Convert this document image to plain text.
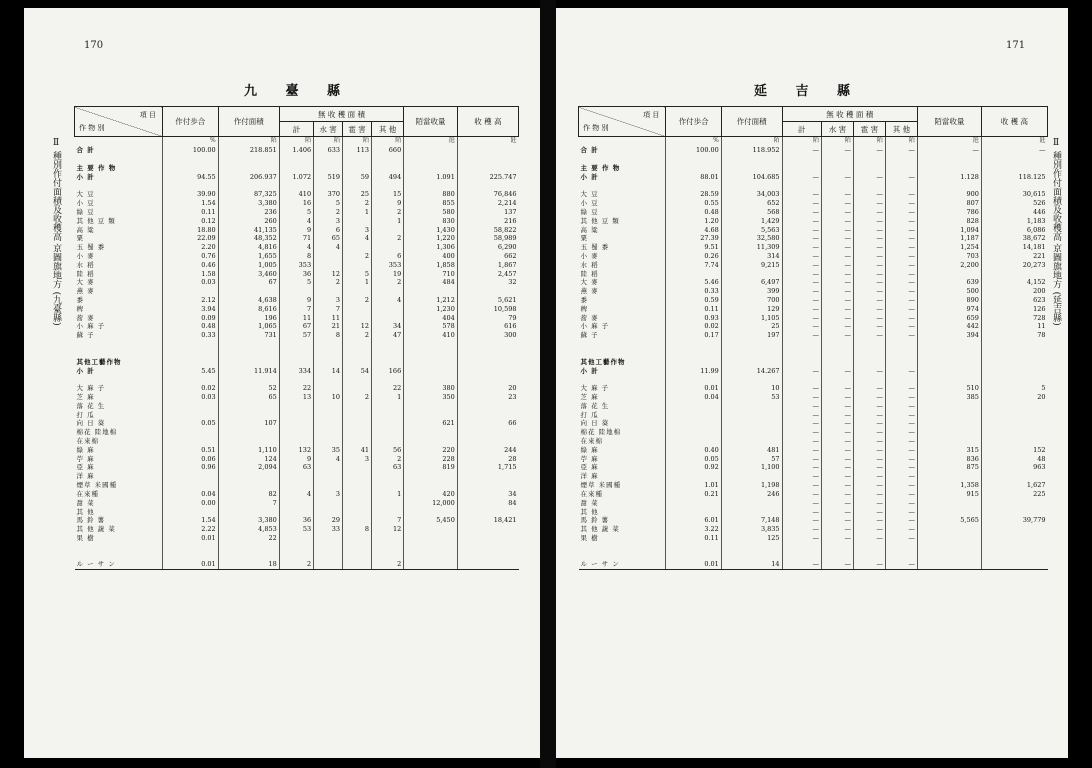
170
九 臺 縣
Ⅱ 種別作付面積及收穫高 京圖旗地方 (九臺縣)
項 目
作 物 別	作付歩合	作付面積	無 收 穫 面 積				陌當收量	收 穫 高
			計	水 害	雹 害	其 他		
	%	陌	陌	陌	陌	陌	瓩	瓩
合 計	100.00	218.851	1.406	633	113	660		

主 要 作 物								
小 計	94.55	206.937	1.072	519	59	494	1.091	225.747

大 豆	39.90	87,325	410	370	25	15	880	76,846
小 豆	1.54	3,380	16	5	2	9	855	2,214
綠 豆	0.11	236	5	2	1	2	580	137
其 他 豆 類	0.12	260	4	3		1	830	216
高 粱	18.80	41,135	9	6	3		1,430	58,822
粟	22.09	48,352	71	65	4	2	1,220	58,989
玉 蜀 黍	2.20	4,816	4	4			1,306	6,290
小 麥	0.76	1,655	8		2	6	400	662
水 稻	0.46	1,005	353			353	1,858	1,867
陸 稻	1.58	3,460	36	12	5	19	710	2,457
大 麥	0.03	67	5	2	1	2	484	32
燕 麥								
黍	2.12	4,638	9	3	2	4	1,212	5,621
稗	3.94	8,616	7	7			1,230	10,598
蕎 麥	0.09	196	11	11			404	79
小 麻 子	0.48	1,065	67	21	12	34	578	616
蘇 子	0.33	731	57	8	2	47	410	300

其他工藝作物								
小 計	5.45	11.914	334	14	54	166		

大 麻 子	0.02	52	22			22	380	20
芝 麻	0.03	65	13	10	2	1	350	23
落 花 生								
打 瓜								
向 日 葵	0.05	107					621	66
棉花 陸地棉								
在來棉								
綠 麻	0.51	1,110	132	35	41	56	220	244
苧 麻	0.06	124	9	4	3	2	228	28
亞 麻	0.96	2,094	63			63	819	1,715
洋 麻								
煙草 米國種								
在來種	0.04	82	4	3		1	420	34
甜 菜	0.00	7					12,000	84
其 他								
馬 鈴 薯	1.54	3,380	36	29		7	5,450	18,421
其 他 蔬 菜	2.22	4,853	53	33	8	12		
果 樹	0.01	22						

ル ー サ ン	0.01	18	2			2		
171
延 吉 縣
Ⅱ 種別作付面積及收穫高 京圖旗地方 (延吉縣)
項 目
作 物 別	作付歩合	作付面積	無 收 穫 面 積				陌當收量	收 穫 高
			計	水 害	雹 害	其 他		
	%	陌	陌	陌	陌	陌	瓩	瓩
合 計	100.00	118.952	—	—	—	—	—	—

主 要 作 物								
小 計	88.01	104.685	—	—	—	—	1.128	118.125

大 豆	28.59	34,003	—	—	—	—	900	30,615
小 豆	0.55	652	—	—	—	—	807	526
綠 豆	0.48	568	—	—	—	—	786	446
其 他 豆 類	1.20	1,429	—	—	—	—	828	1,183
高 粱	4.68	5,563	—	—	—	—	1,094	6,086
粟	27.39	32,580	—	—	—	—	1,187	38,672
玉 蜀 黍	9.51	11,309	—	—	—	—	1,254	14,181
小 麥	0.26	314	—	—	—	—	703	221
水 稻	7.74	9,215	—	—	—	—	2,200	20,273
陸 稻			—	—	—	—		
大 麥	5.46	6,497	—	—	—	—	639	4,152
燕 麥	0.33	399	—	—	—	—	500	200
黍	0.59	700	—	—	—	—	890	623
稗	0.11	129	—	—	—	—	974	126
蕎 麥	0.93	1,105	—	—	—	—	659	728
小 麻 子	0.02	25	—	—	—	—	442	11
蘇 子	0.17	197	—	—	—	—	394	78

其他工藝作物								
小 計	11.99	14.267	—	—	—	—		

大 麻 子	0.01	10	—	—	—	—	510	5
芝 麻	0.04	53	—	—	—	—	385	20
落 花 生			—	—	—	—		
打 瓜			—	—	—	—		
向 日 葵			—	—	—	—		
棉花 陸地棉			—	—	—	—		
在來棉			—	—	—	—		
綠 麻	0.40	481	—	—	—	—	315	152
苧 麻	0.05	57	—	—	—	—	836	48
亞 麻	0.92	1,100	—	—	—	—	875	963
洋 麻			—	—	—	—		
煙草 米國種	1.01	1,198	—	—	—	—	1,358	1,627
在來種	0.21	246	—	—	—	—	915	225
甜 菜			—	—	—	—		
其 他			—	—	—	—		
馬 鈴 薯	6.01	7,148	—	—	—	—	5,565	39,779
其 他 蔬 菜	3.22	3,835	—	—	—	—		
果 樹	0.11	125	—	—	—	—		

ル ー サ ン	0.01	14	—	—	—	—		
